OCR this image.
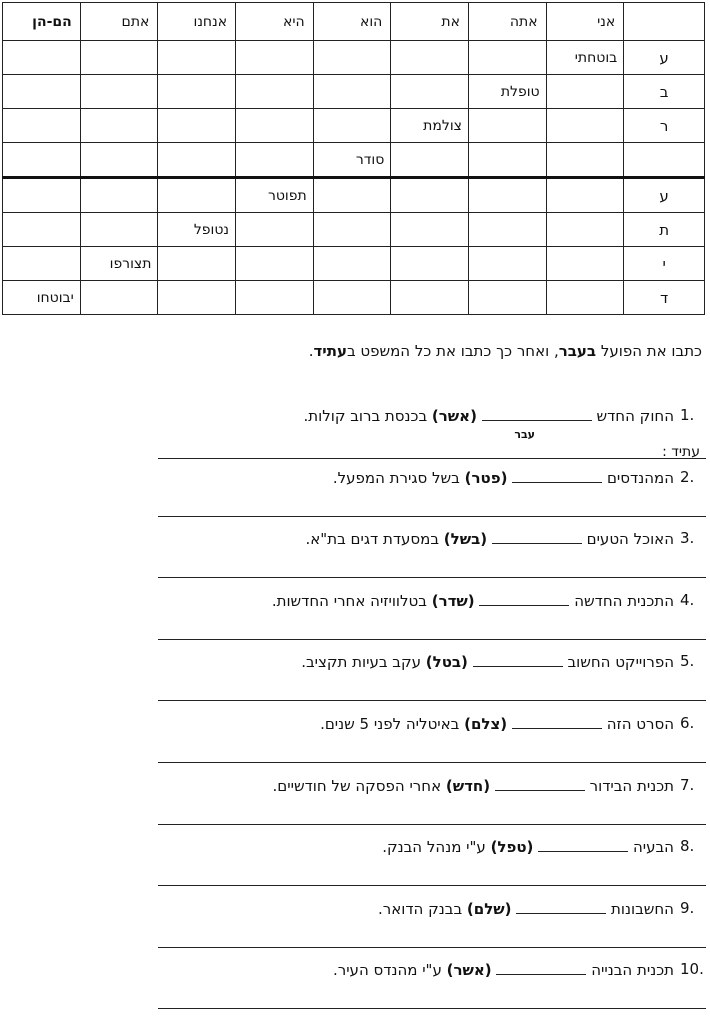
	אני	אתה	את	הוא	היא	אנחנו	אתם	הם-הן
ע	בוטחתי							
ב		טופלת						
ר			צולמת					
				סודר				
ע					תפוטר			
ת						נטופל		
י							תצורפו	
ד								יבוטחו
כתבו את הפועל בעבר, ואחר כך כתבו את כל המשפט בעתיד.
1.
החוק החדש  (אשר) בכנסת ברוב קולות.
2.
המהנדסים  (פטר) בשל סגירת המפעל.
3.
האוכל הטעים  (בשל) במסעדת דגים בת"א.
4.
התכנית החדשה  (שדר) בטלוויזיה אחרי החדשות.
5.
הפרוייקט החשוב  (בטל) עקב בעיות תקציב.
6.
הסרט הזה  (צלם) באיטליה לפני 5 שנים.
7.
תכנית הבידור  (חדש) אחרי הפסקה של חודשיים.
8.
הבעיה  (טפל) ע"י מנהל הבנק.
9.
החשבונות  (שלם) בבנק הדואר.
10.
תכנית הבנייה  (אשר) ע"י מהנדס העיר.
עבר
עתיד :
